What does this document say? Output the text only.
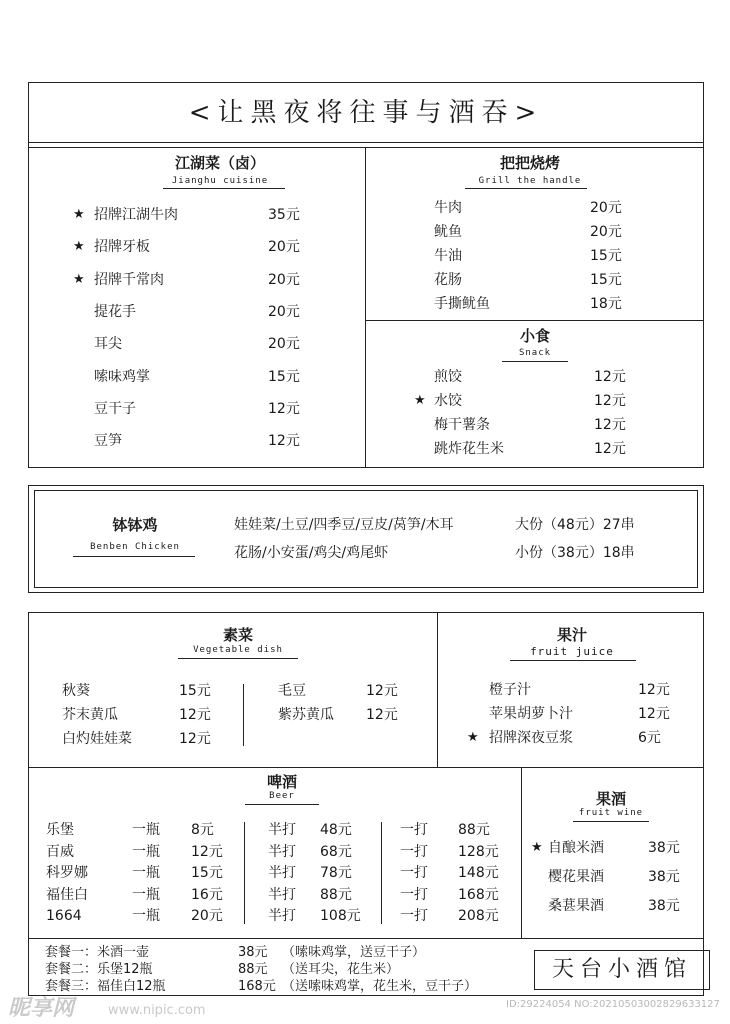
<让黑夜将往事与酒吞>
江湖菜（卤）
Jianghu cuisine
★ 招牌江湖牛肉	35元
★ 招牌牙板	20元
★ 招牌千常肉	20元
提花手	20元
耳尖	20元
嗦味鸡掌	15元
豆干子	12元
豆笋	12元
把把烧烤
Grill the handle
牛肉	20元
鱿鱼	20元
牛油	15元
花肠	15元
手撕鱿鱼	18元
小食
Snack
煎饺	12元
★ 水饺	12元
梅干薯条	12元
跳炸花生米	12元
钵钵鸡
Benben Chicken
娃娃菜/土豆/四季豆/豆皮/莴笋/木耳
花肠/小安蛋/鸡尖/鸡尾虾
大份（48元）27串
小份（38元）18串
素菜
Vegetable dish
秋葵	15元
芥末黄瓜	12元
白灼娃娃菜	12元
毛豆	12元
紫苏黄瓜 12元
果汁
fruit juice
橙子汁	12元
苹果胡萝卜汁	12元
★ 招牌深夜豆浆	6元
啤酒
Beer
乐堡	一瓶 8元	半打 48元	一打 88元
百威	一瓶 12元	半打 68元	一打 128元
科罗娜	一瓶 15元	半打 78元	一打 148元
福佳白	一瓶 16元	半打 88元	一打 168元
1664	一瓶 20元	半打 108元	一打 208元
果酒
fruit wine
★ 自酿米酒	38元
樱花果酒	38元
桑葚果酒	38元
套餐一：米酒一壶	38元 （嗦味鸡掌，送豆干子）
套餐二：乐堡12瓶	88元 （送耳尖，花生米）
套餐三：福佳白12瓶	168元 （送嗦味鸡掌，花生米，豆干子）
天台小酒馆
昵享网	www.nipic.com	ID:29224054 NO:20210503002829633127
